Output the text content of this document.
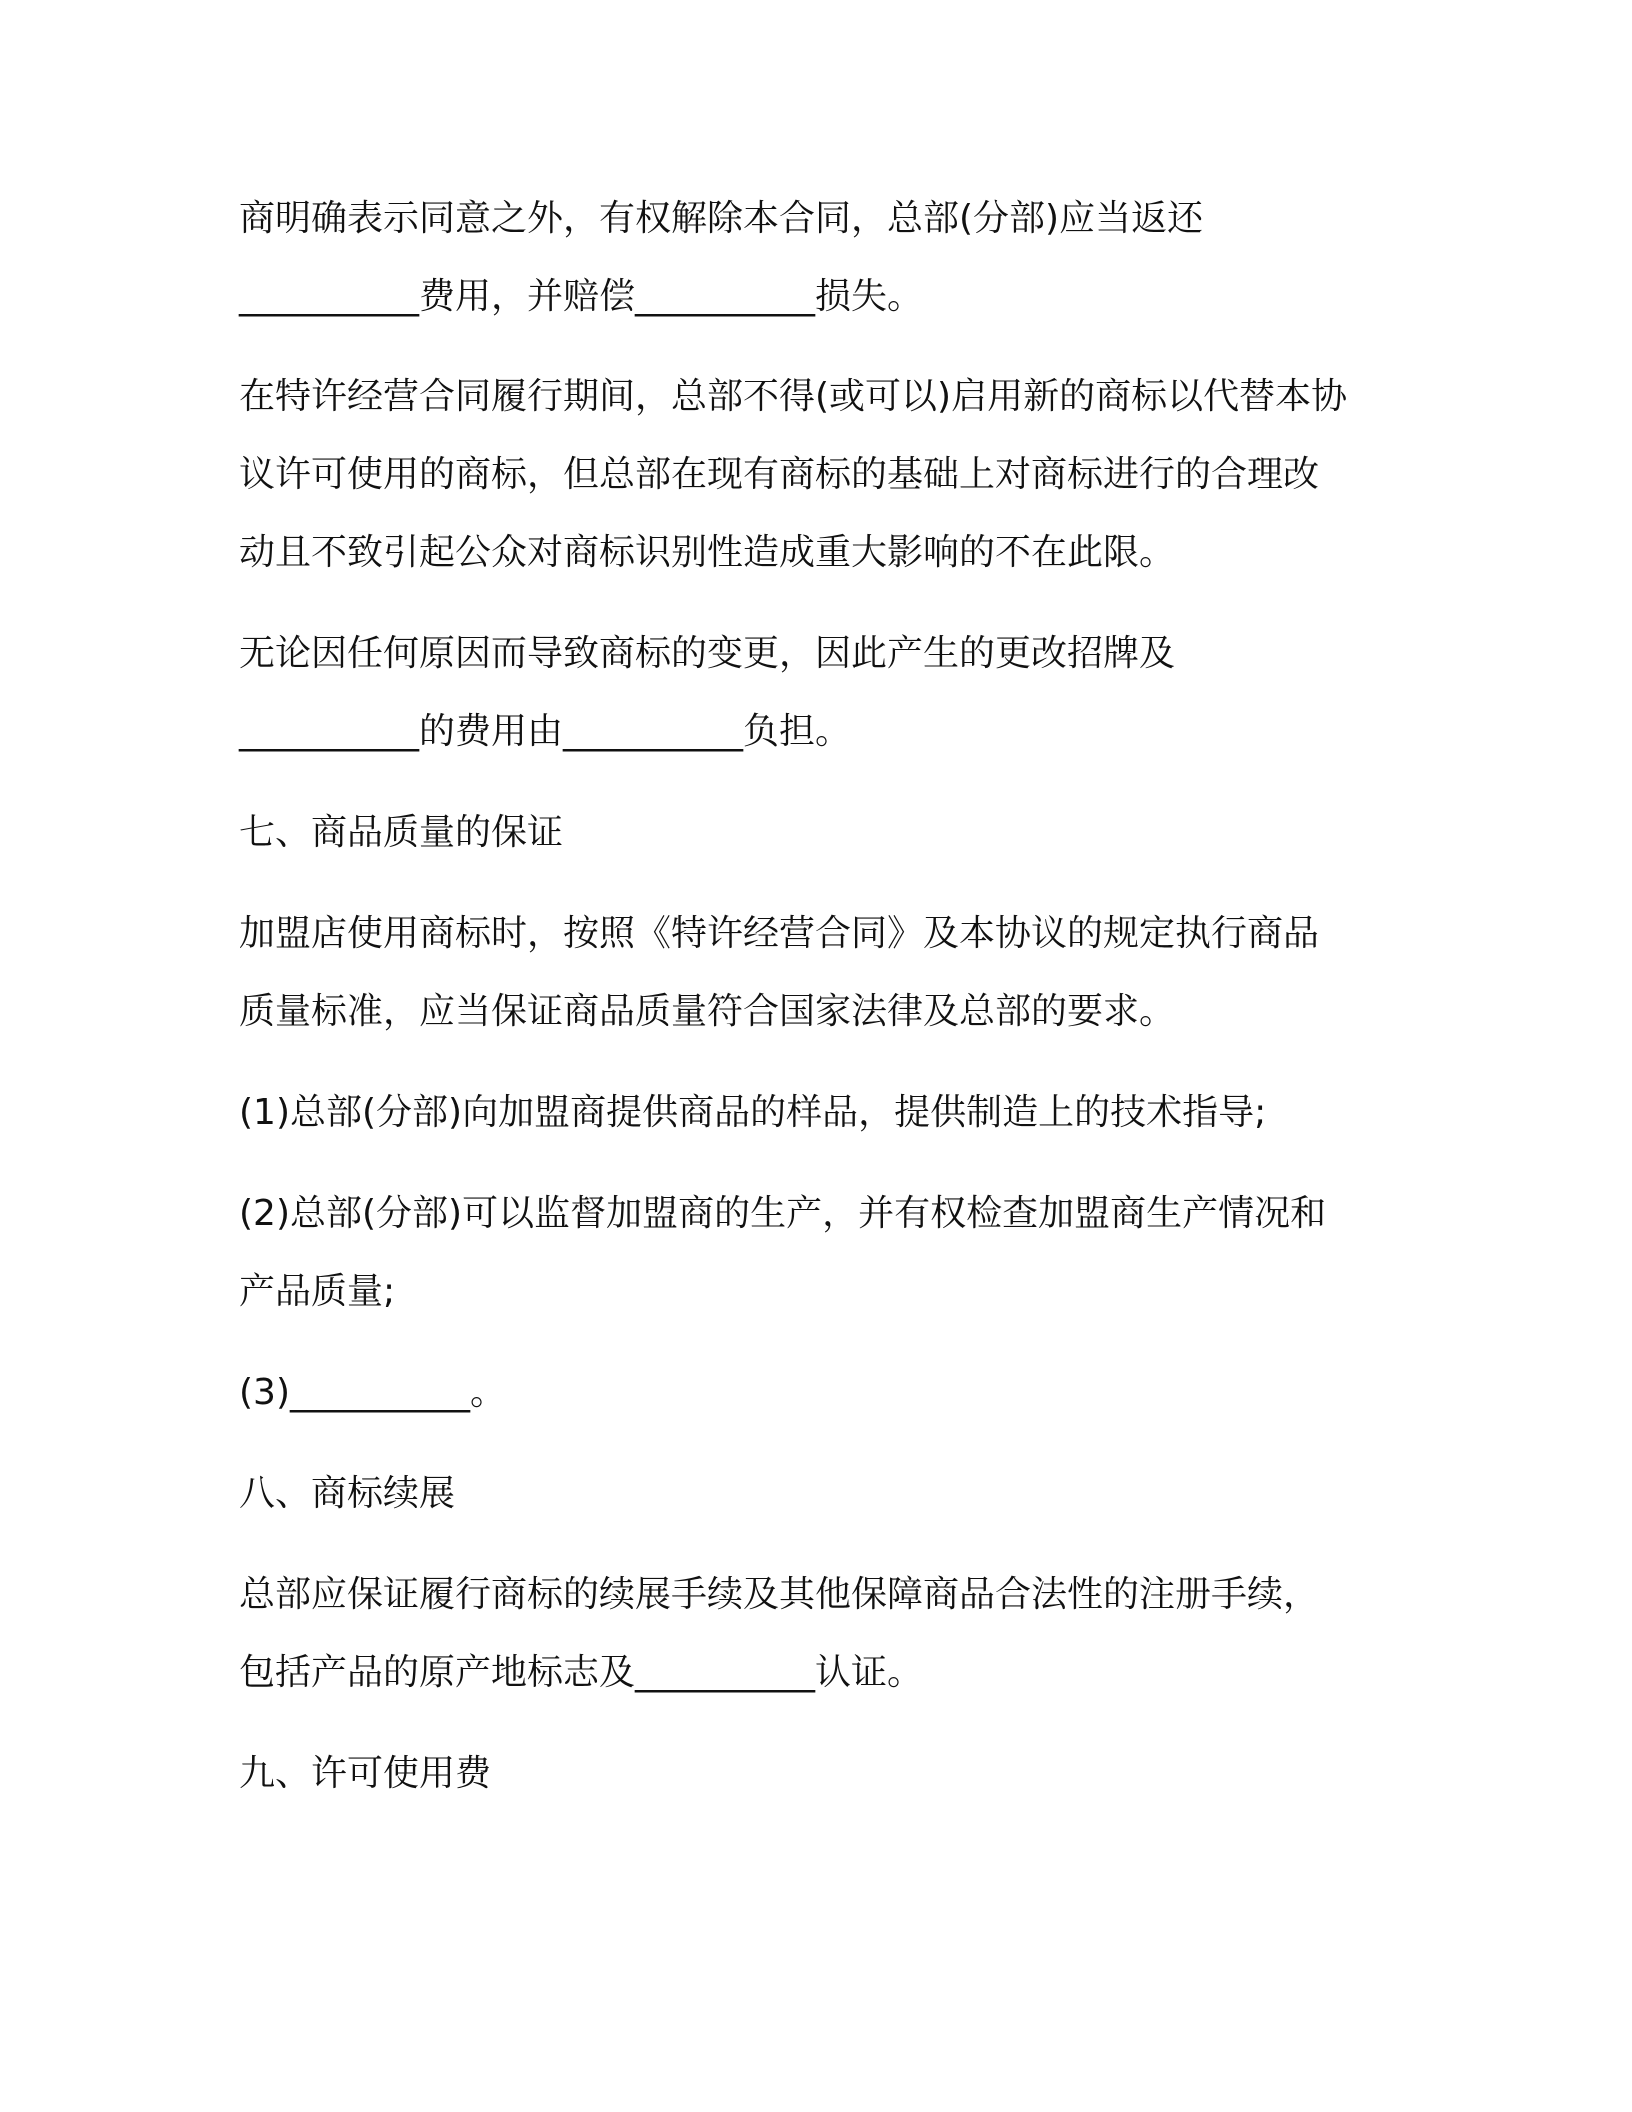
商明确表示同意之外，有权解除本合同，总部(分部)应当返还
__________费用，并赔偿__________损失。
在特许经营合同履行期间，总部不得(或可以)启用新的商标以代替本协
议许可使用的商标，但总部在现有商标的基础上对商标进行的合理改
动且不致引起公众对商标识别性造成重大影响的不在此限。
无论因任何原因而导致商标的变更，因此产生的更改招牌及
__________的费用由__________负担。
七、商品质量的保证
加盟店使用商标时，按照《特许经营合同》及本协议的规定执行商品
质量标准，应当保证商品质量符合国家法律及总部的要求。
(1)总部(分部)向加盟商提供商品的样品，提供制造上的技术指导;
(2)总部(分部)可以监督加盟商的生产，并有权检查加盟商生产情况和
产品质量;
(3)__________。
八、商标续展
总部应保证履行商标的续展手续及其他保障商品合法性的注册手续，
包括产品的原产地标志及__________认证。
九、许可使用费
